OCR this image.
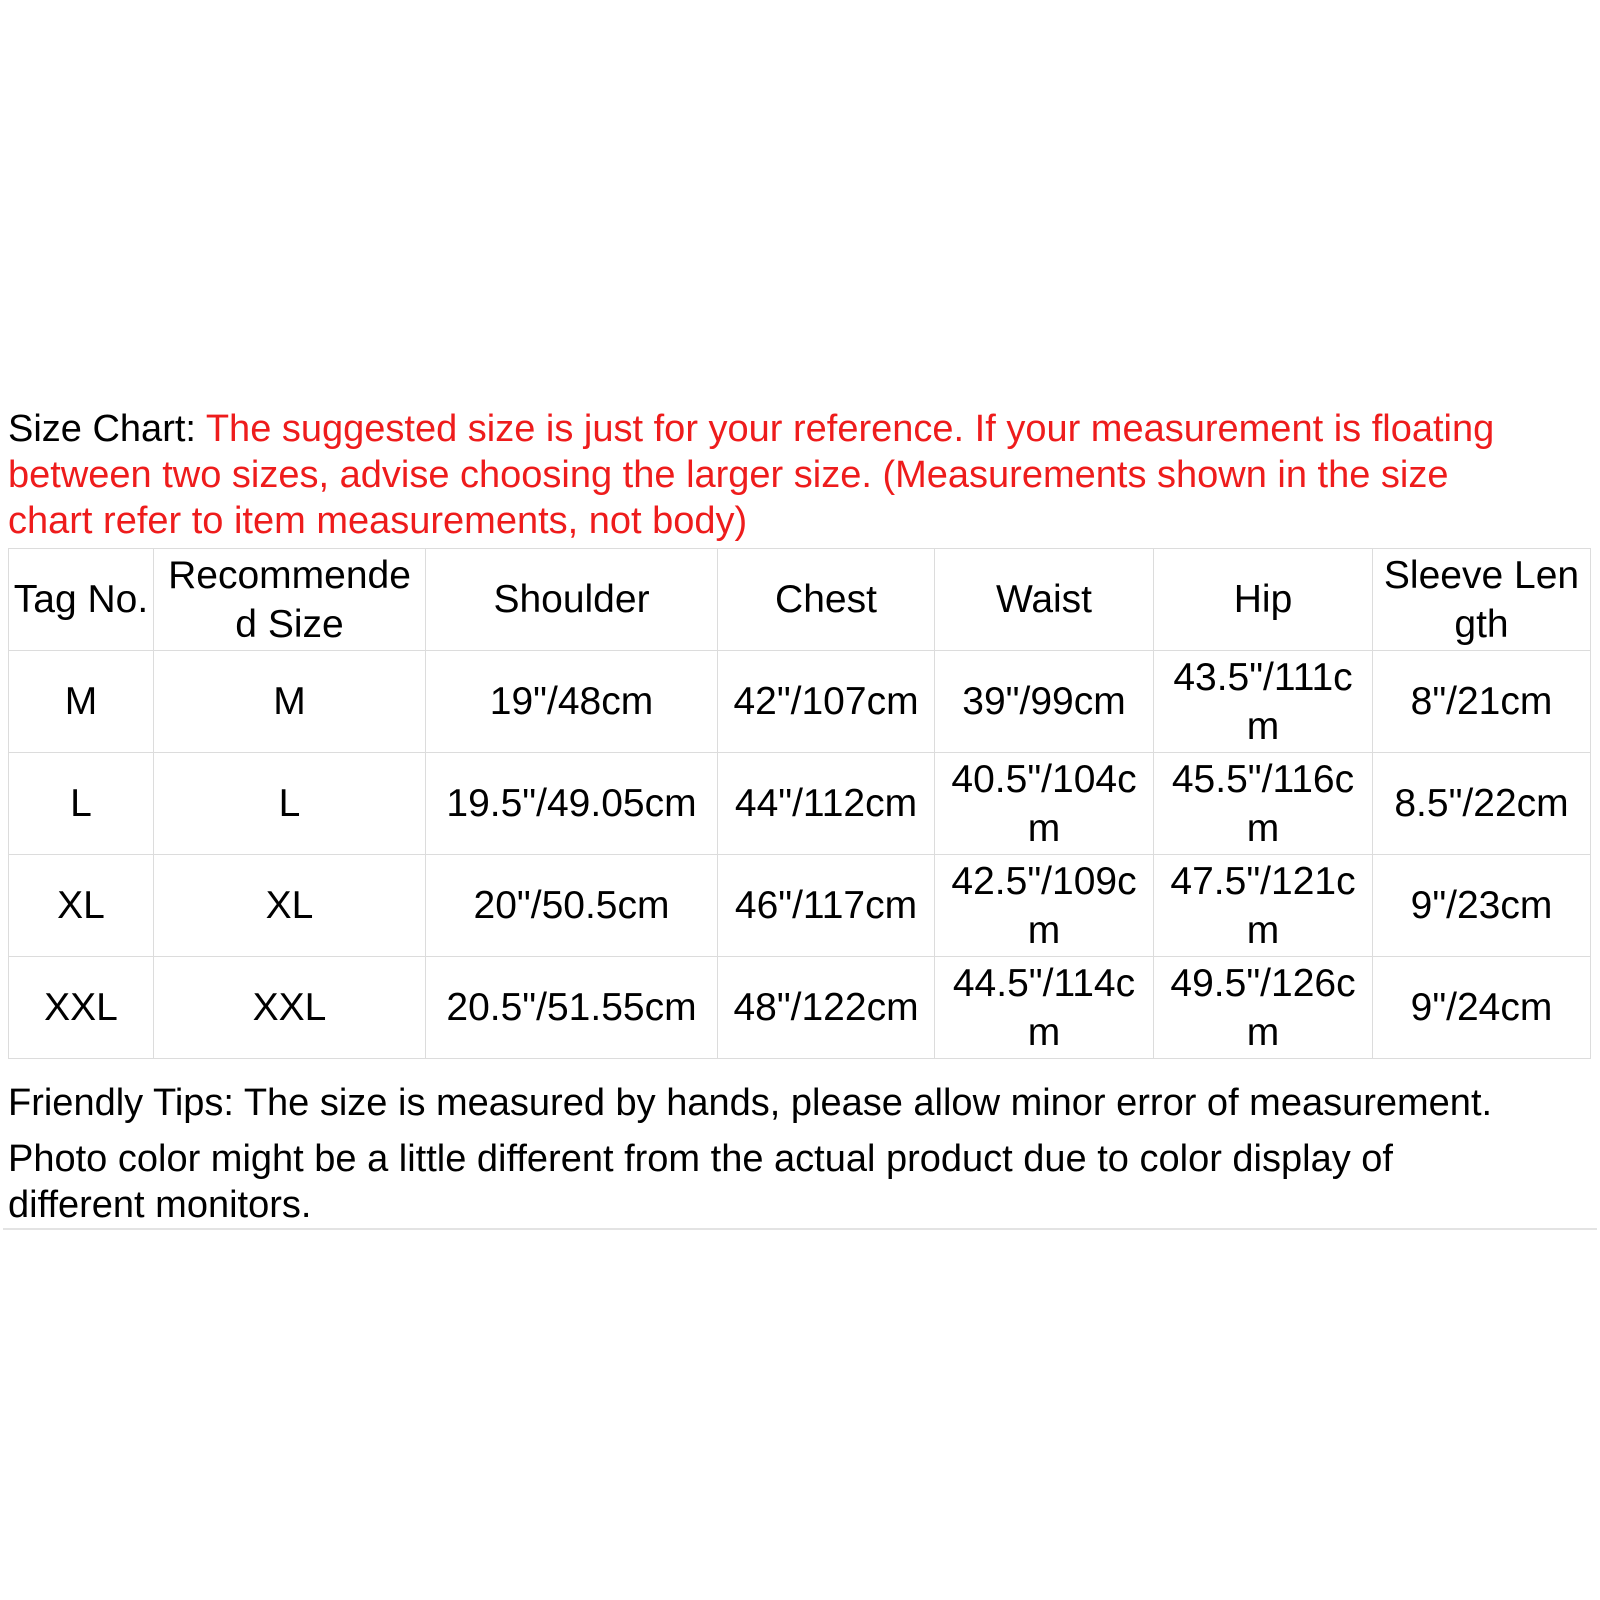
Size Chart: The suggested size is just for your reference. If your measurement is floating
between two sizes, advise choosing the larger size. (Measurements shown in the size
chart refer to item measurements, not body)
Tag No.	Recommended Size	Shoulder	Chest	Waist	Hip	Sleeve Length
M	M	19"/48cm	42"/107cm	39"/99cm	43.5"/111cm	8"/21cm
L	L	19.5"/49.05cm	44"/112cm	40.5"/104cm	45.5"/116cm	8.5"/22cm
XL	XL	20"/50.5cm	46"/117cm	42.5"/109cm	47.5"/121cm	9"/23cm
XXL	XXL	20.5"/51.55cm	48"/122cm	44.5"/114cm	49.5"/126cm	9"/24cm
Friendly Tips: The size is measured by hands, please allow minor error of measurement.
Photo color might be a little different from the actual product due to color display of
different monitors.
